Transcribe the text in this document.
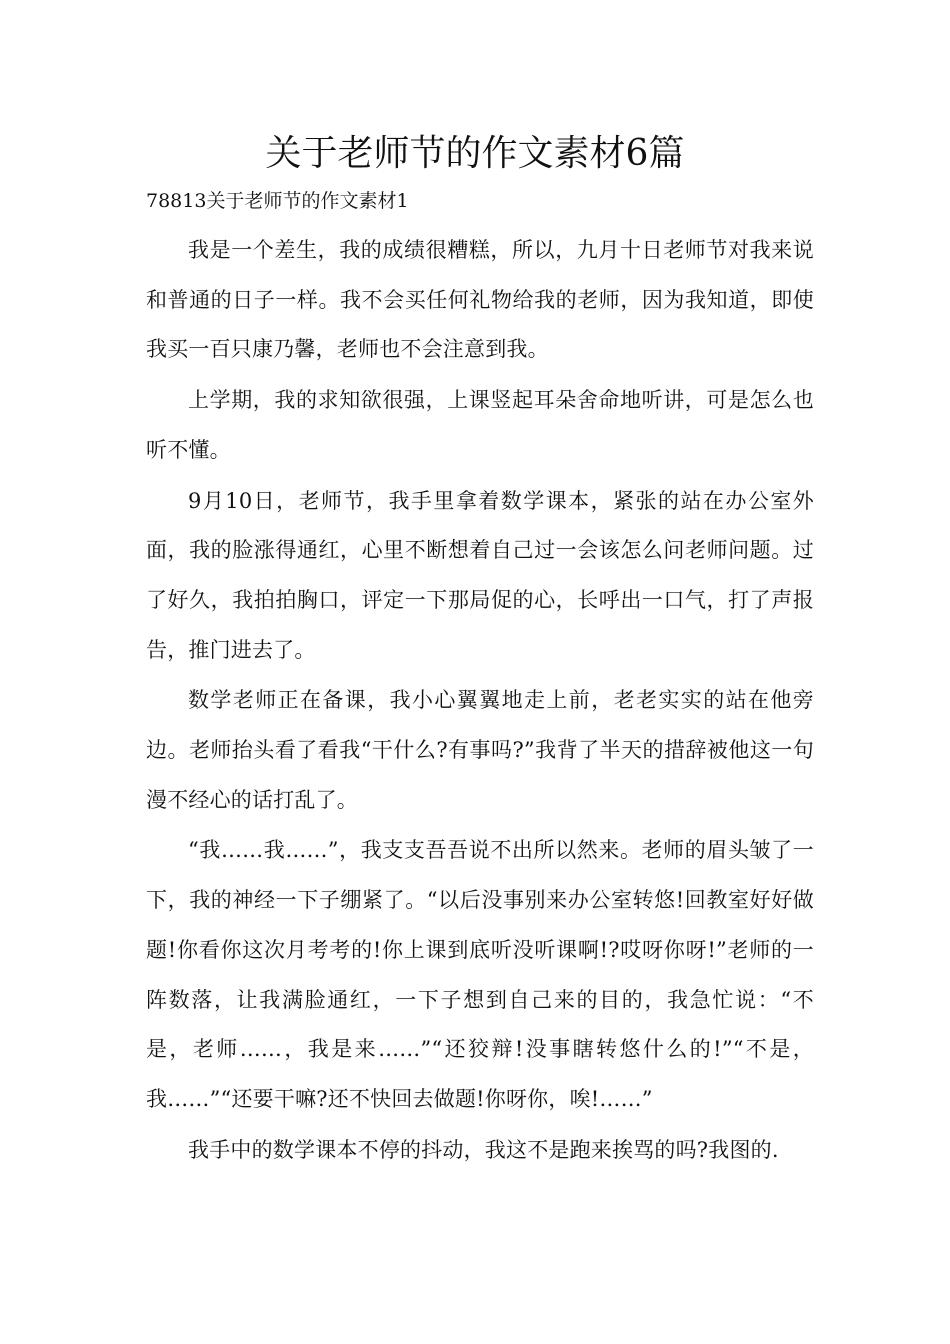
关于老师节的作文素材6篇
78813关于老师节的作文素材1

我是一个差生，我的成绩很糟糕，所以，九月十日老师节对我来说和普通的日子一样。我不会买任何礼物给我的老师，因为我知道，即使我买一百只康乃馨，老师也不会注意到我。

上学期，我的求知欲很强，上课竖起耳朵舍命地听讲，可是怎么也听不懂。

9月10日，老师节，我手里拿着数学课本，紧张的站在办公室外面，我的脸涨得通红，心里不断想着自己过一会该怎么问老师问题。过了好久，我拍拍胸口，评定一下那局促的心，长呼出一口气，打了声报告，推门进去了。

数学老师正在备课，我小心翼翼地走上前，老老实实的站在他旁边。老师抬头看了看我“干什么?有事吗?”我背了半天的措辞被他这一句漫不经心的话打乱了。

“我……我……”，我支支吾吾说不出所以然来。老师的眉头皱了一下，我的神经一下子绷紧了。“以后没事别来办公室转悠!回教室好好做题!你看你这次月考考的!你上课到底听没听课啊!?哎呀你呀!”老师的一阵数落，让我满脸通红，一下子想到自己来的目的，我急忙说：“不是，老师……，我是来……”“还狡辩!没事瞎转悠什么的!”“不是，我……”“还要干嘛?还不快回去做题!你呀你，唉!……”

我手中的数学课本不停的抖动，我这不是跑来挨骂的吗?我图的.
